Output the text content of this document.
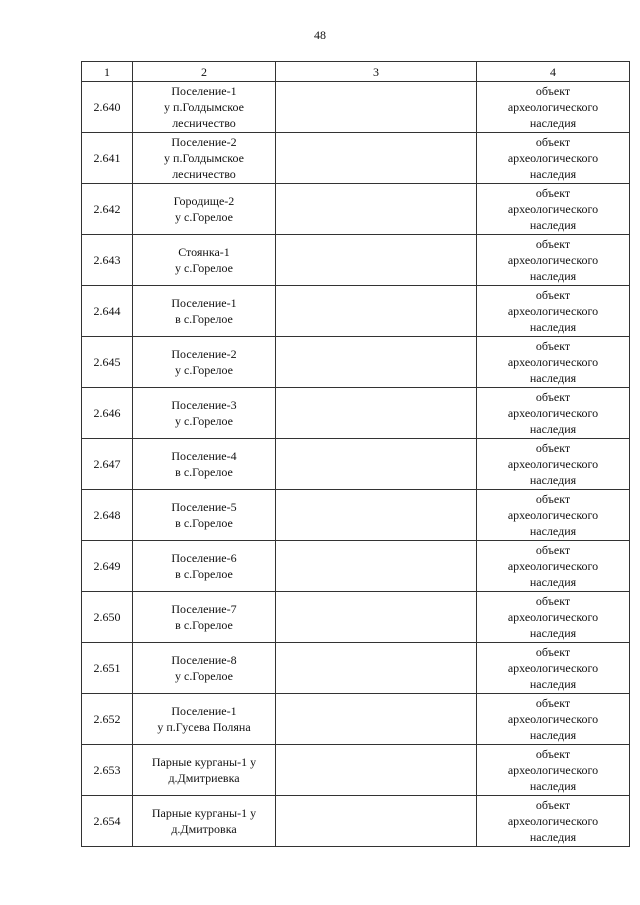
48
1	2	3	4

2.640	Поселение-1
у п.Голдымское
лесничество		объект
археологического
наследия

2.641	Поселение-2
у п.Голдымское
лесничество		объект
археологического
наследия

2.642	Городище-2
у с.Горелое		объект
археологического
наследия

2.643	Стоянка-1
у с.Горелое		объект
археологического
наследия

2.644	Поселение-1
в с.Горелое		объект
археологического
наследия

2.645	Поселение-2
у с.Горелое		объект
археологического
наследия

2.646	Поселение-3
у с.Горелое		объект
археологического
наследия

2.647	Поселение-4
в с.Горелое		объект
археологического
наследия

2.648	Поселение-5
в с.Горелое		объект
археологического
наследия

2.649	Поселение-6
в с.Горелое		объект
археологического
наследия

2.650	Поселение-7
в с.Горелое		объект
археологического
наследия

2.651	Поселение-8
у с.Горелое		объект
археологического
наследия

2.652	Поселение-1
у п.Гусева Поляна		объект
археологического
наследия

2.653	Парные курганы-1 у
д.Дмитриевка		объект
археологического
наследия

2.654	Парные курганы-1 у
д.Дмитровка		объект
археологического
наследия
